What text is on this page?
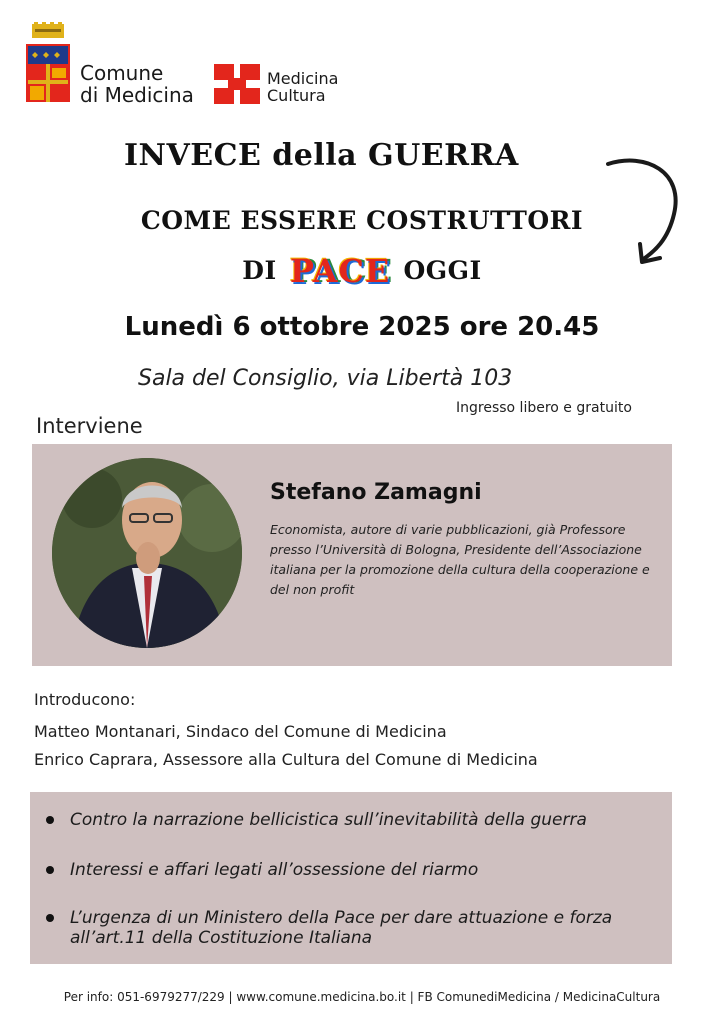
Comune
di Medicina
Medicina
Cultura
INVECE della GUERRA
COME ESSERE COSTRUTTORI
DI PACE OGGI
Lunedì 6 ottobre 2025 ore 20.45
Sala del Consiglio, via Libertà 103
Ingresso libero e gratuito
Interviene
Stefano Zamagni
Economista, autore di varie pubblicazioni, già Professore presso l’Università di Bologna, Presidente dell’Associazione italiana per la promozione della cultura della cooperazione e del non profit
Introducono:
Matteo Montanari, Sindaco del Comune di Medicina
Enrico Caprara, Assessore alla Cultura del Comune di Medicina
Contro la narrazione bellicistica sull’inevitabilità della guerra
Interessi e affari legati all’ossessione del riarmo
L’urgenza di un Ministero della Pace per dare attuazione e forza all’art.11 della Costituzione Italiana
Per info: 051-6979277/229 | www.comune.medicina.bo.it | FB ComunediMedicina / MedicinaCultura
